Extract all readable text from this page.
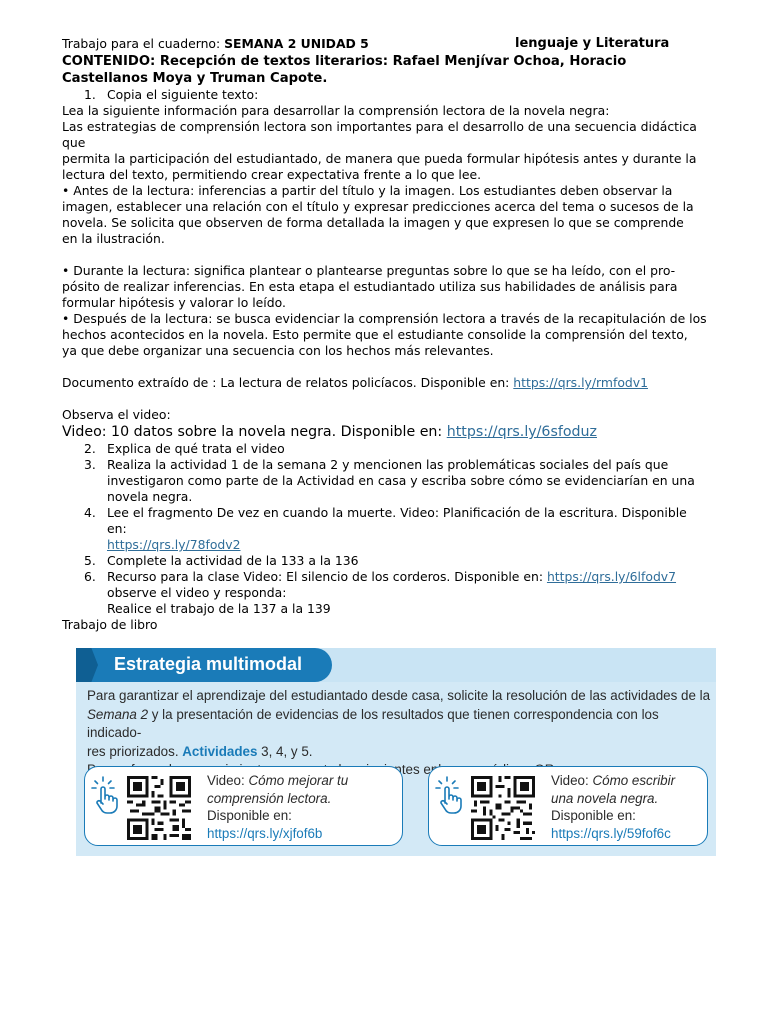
Trabajo para el cuaderno: SEMANA 2 UNIDAD 5	lenguaje y Literatura
CONTENIDO: Recepción de textos literarios: Rafael Menjívar Ochoa, Horacio
Castellanos Moya y Truman Capote.
1. Copia el siguiente texto:

Lea la siguiente información para desarrollar la comprensión lectora de la novela negra:

Las estrategias de comprensión lectora son importantes para el desarrollo de una secuencia didáctica

que

permita la participación del estudiantado, de manera que pueda formular hipótesis antes y durante la

lectura del texto, permitiendo crear expectativa frente a lo que lee.

• Antes de la lectura: inferencias a partir del título y la imagen. Los estudiantes deben observar la

imagen, establecer una relación con el título y expresar predicciones acerca del tema o sucesos de la

novela. Se solicita que observen de forma detallada la imagen y que expresen lo que se comprende

en la ilustración.

• Durante la lectura: significa plantear o plantearse preguntas sobre lo que se ha leído, con el pro-

pósito de realizar inferencias. En esta etapa el estudiantado utiliza sus habilidades de análisis para

formular hipótesis y valorar lo leído.

• Después de la lectura: se busca evidenciar la comprensión lectora a través de la recapitulación de los

hechos acontecidos en la novela. Esto permite que el estudiante consolide la comprensión del texto,

ya que debe organizar una secuencia con los hechos más relevantes.

Documento extraído de : La lectura de relatos policíacos. Disponible en: https://qrs.ly/rmfodv1

Observa el video:

Video: 10 datos sobre la novela negra. Disponible en: https://qrs.ly/6sfoduz

2. Explica de qué trata el video
3. Realiza la actividad 1 de la semana 2 y mencionen las problemáticas sociales del país que
investigaron como parte de la Actividad en casa y escriba sobre cómo se evidenciarían en una
novela negra.
4. Lee el fragmento De vez en cuando la muerte. Video: Planificación de la escritura. Disponible
en:
https://qrs.ly/78fodv2
5. Complete la actividad de la 133 a la 136
6. Recurso para la clase Video: El silencio de los corderos. Disponible en: https://qrs.ly/6lfodv7
observe el video y responda:
Realice el trabajo de la 137 a la 139

Trabajo de libro

Estrategia multimodal
Para garantizar el aprendizaje del estudiantado desde casa, solicite la resolución de las actividades de la
Semana 2 y la presentación de evidencias de los resultados que tienen correspondencia con los indicado-
res priorizados. Actividades 3, 4, y 5.
Video: Cómo mejorar tu
comprensión lectora.
Disponible en:
https://qrs.ly/xjfof6b
Video: Cómo escribir
una novela negra.
Disponible en:
https://qrs.ly/59fof6c
